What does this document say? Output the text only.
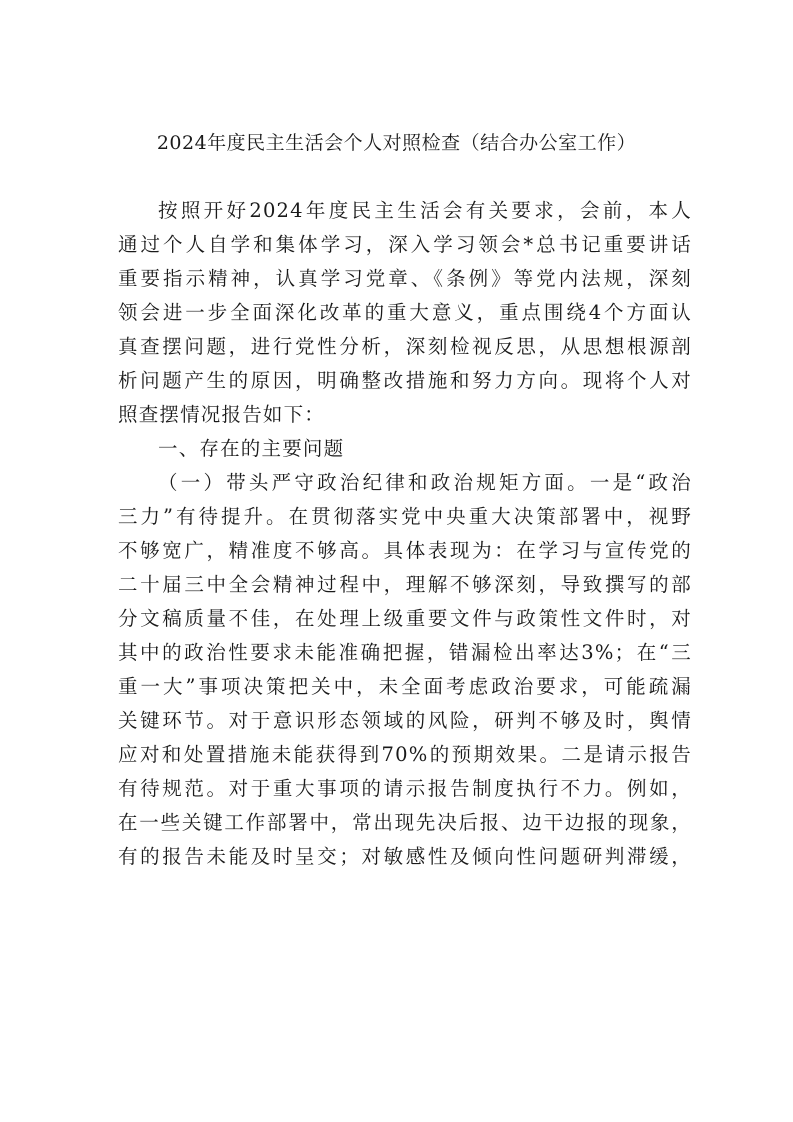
2024年度民主生活会个人对照检查（结合办公室工作）
按照开好2024年度民主生活会有关要求，会前，本人
通过个人自学和集体学习，深入学习领会*总书记重要讲话
重要指示精神，认真学习党章、《条例》等党内法规，深刻
领会进一步全面深化改革的重大意义，重点围绕4个方面认
真查摆问题，进行党性分析，深刻检视反思，从思想根源剖
析问题产生的原因，明确整改措施和努力方向。现将个人对
照查摆情况报告如下：
一、存在的主要问题
（一）带头严守政治纪律和政治规矩方面。一是“政治
三力”有待提升。在贯彻落实党中央重大决策部署中，视野
不够宽广，精准度不够高。具体表现为：在学习与宣传党的
二十届三中全会精神过程中，理解不够深刻，导致撰写的部
分文稿质量不佳，在处理上级重要文件与政策性文件时，对
其中的政治性要求未能准确把握，错漏检出率达3%；在“三
重一大”事项决策把关中，未全面考虑政治要求，可能疏漏
关键环节。对于意识形态领域的风险，研判不够及时，舆情
应对和处置措施未能获得到70%的预期效果。二是请示报告
有待规范。对于重大事项的请示报告制度执行不力。例如，
在一些关键工作部署中，常出现先决后报、边干边报的现象，
有的报告未能及时呈交；对敏感性及倾向性问题研判滞缓，
